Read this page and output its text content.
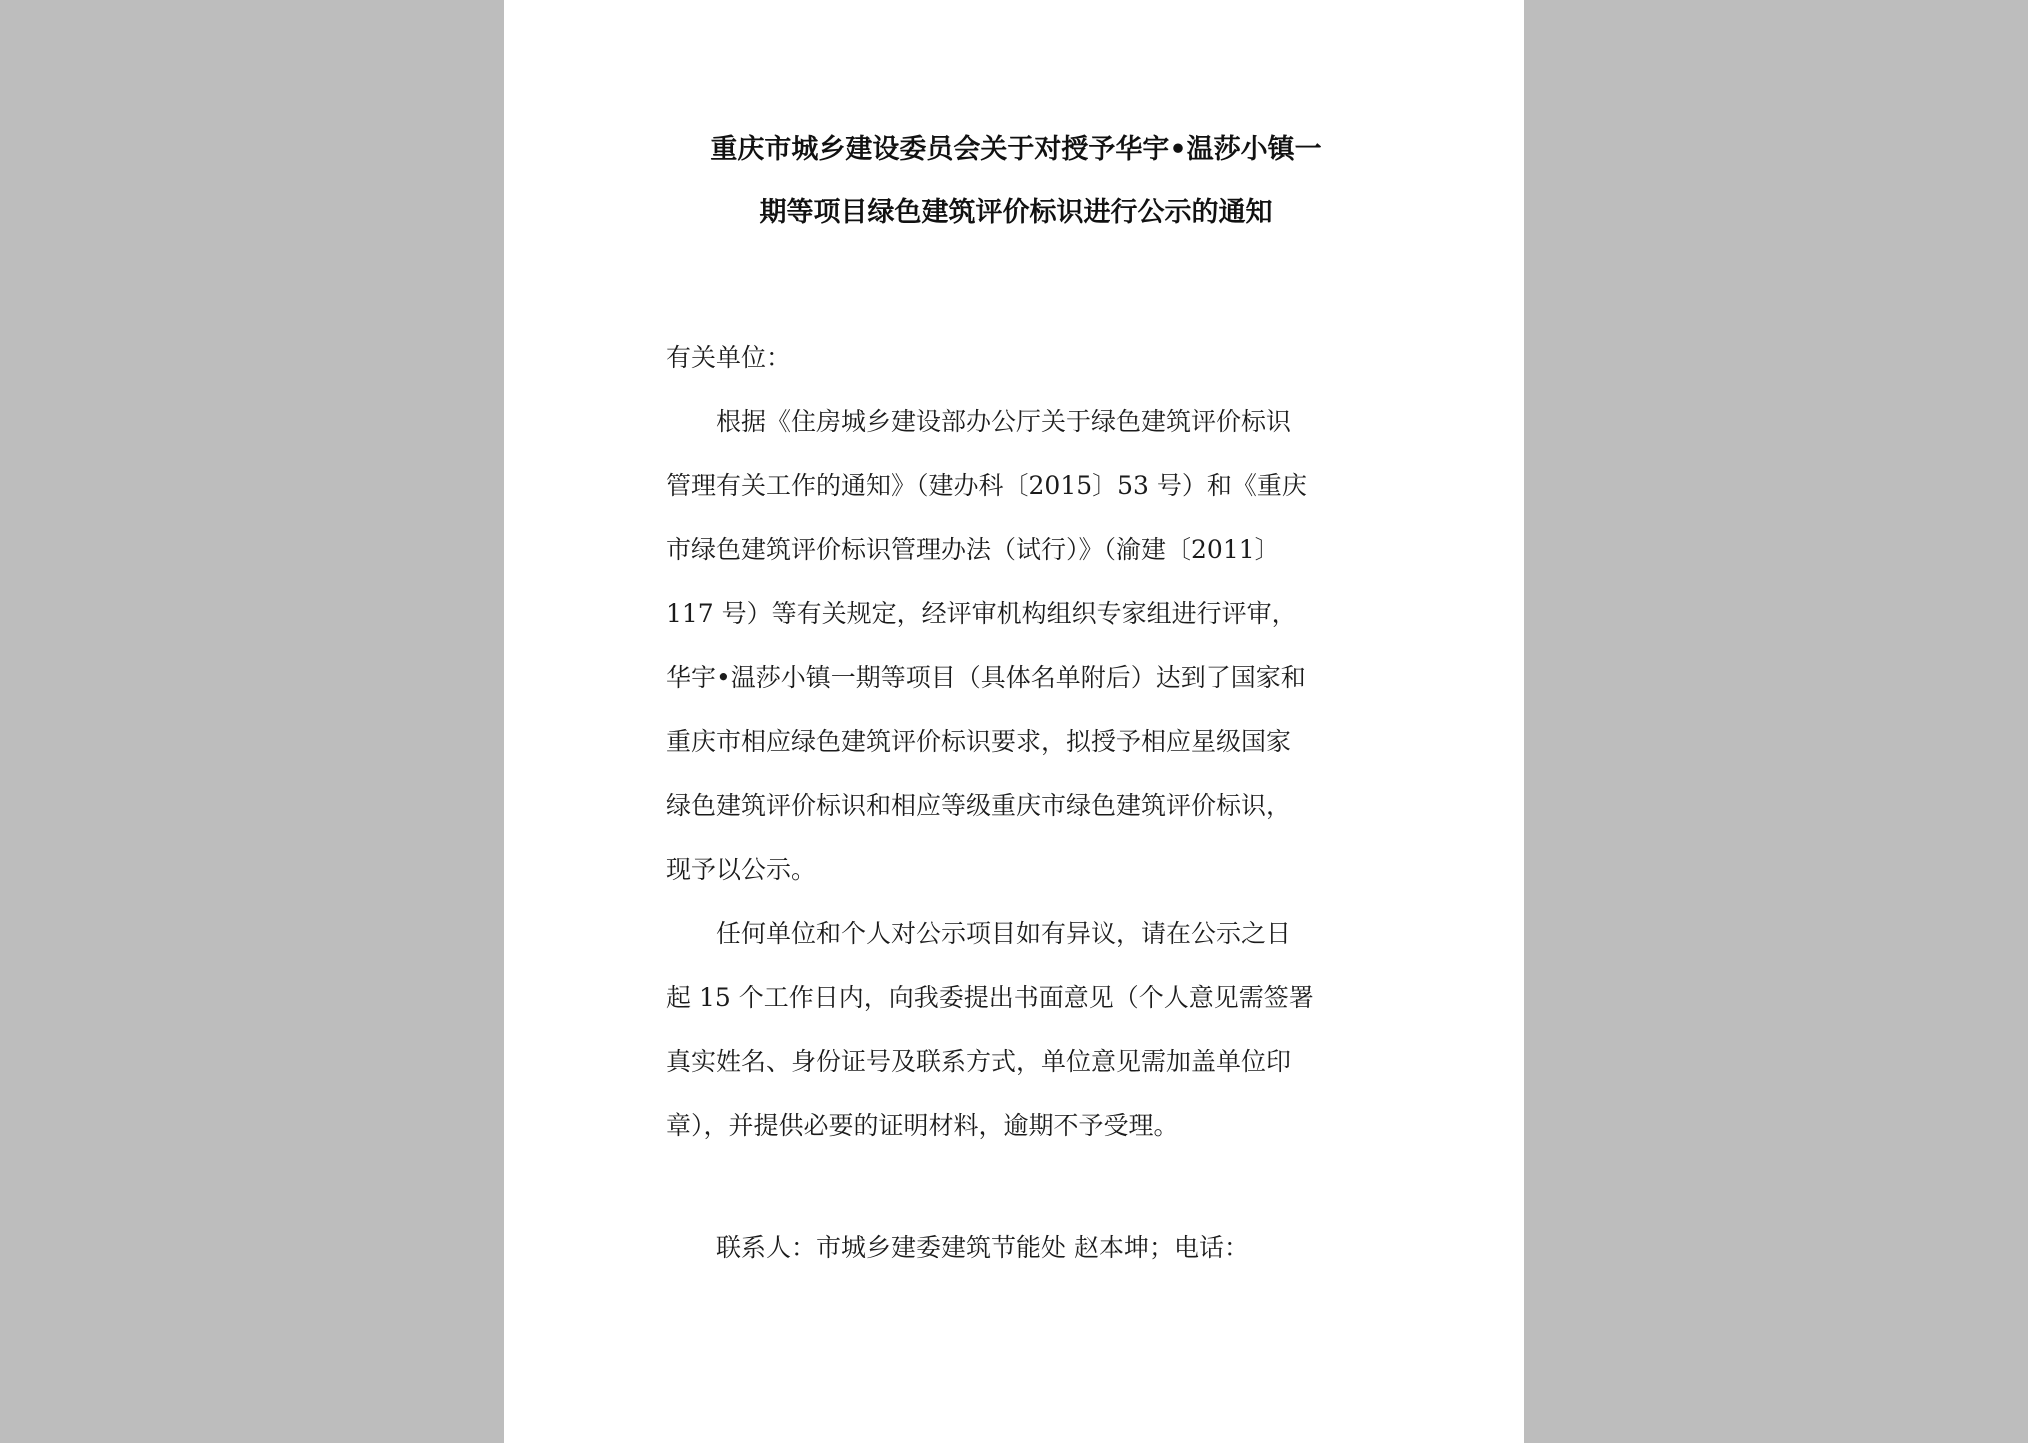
重庆市城乡建设委员会关于对授予华宇•温莎小镇一
期等项目绿色建筑评价标识进行公示的通知

有关单位：

　　根据《住房城乡建设部办公厅关于绿色建筑评价标识
管理有关工作的通知》（建办科〔2015〕53 号）和《重庆
市绿色建筑评价标识管理办法（试行）》（渝建〔2011〕
117 号）等有关规定，经评审机构组织专家组进行评审，
华宇•温莎小镇一期等项目（具体名单附后）达到了国家和
重庆市相应绿色建筑评价标识要求，拟授予相应星级国家
绿色建筑评价标识和相应等级重庆市绿色建筑评价标识，
现予以公示。

　　任何单位和个人对公示项目如有异议，请在公示之日
起 15 个工作日内，向我委提出书面意见（个人意见需签署
真实姓名、身份证号及联系方式，单位意见需加盖单位印
章），并提供必要的证明材料，逾期不予受理。

　　联系人：市城乡建委建筑节能处 赵本坤；电话：
